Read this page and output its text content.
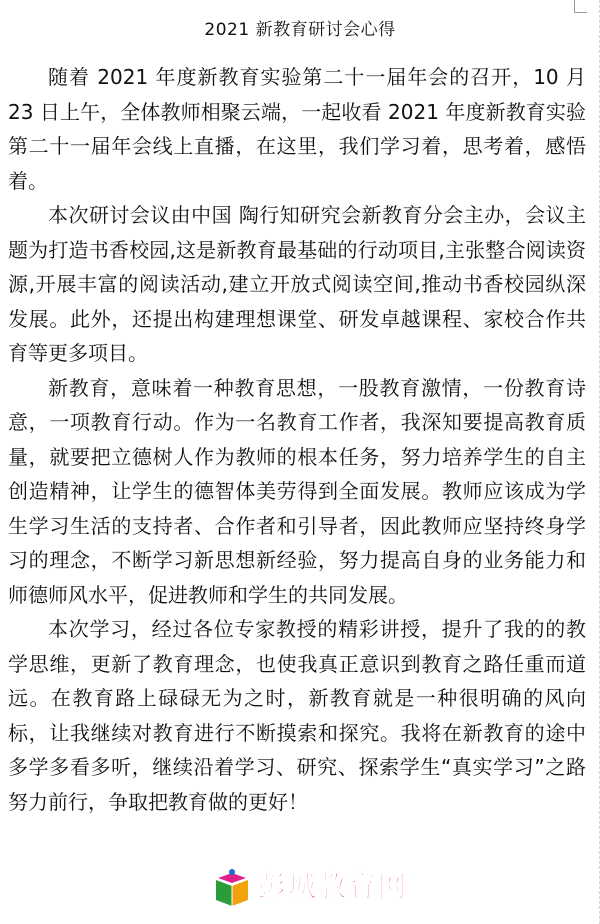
2021 新教育研讨会心得

随着 2021 年度新教育实验第二十一届年会的召开，10 月 23 日上午，全体教师相聚云端，一起收看 2021 年度新教育实验第二十一届年会线上直播，在这里，我们学习着，思考着，感悟着。

本次研讨会议由中国 陶行知研究会新教育分会主办，会议主题为打造书香校园,这是新教育最基础的行动项目,主张整合阅读资源,开展丰富的阅读活动,建立开放式阅读空间,推动书香校园纵深发展。此外，还提出构建理想课堂、研发卓越课程、家校合作共育等更多项目。

新教育，意味着一种教育思想，一股教育激情，一份教育诗意，一项教育行动。作为一名教育工作者，我深知要提高教育质量，就要把立德树人作为教师的根本任务，努力培养学生的自主创造精神，让学生的德智体美劳得到全面发展。教师应该成为学生学习生活的支持者、合作者和引导者，因此教师应坚持终身学习的理念，不断学习新思想新经验，努力提高自身的业务能力和师德师风水平，促进教师和学生的共同发展。

本次学习，经过各位专家教授的精彩讲授，提升了我的的教学思维，更新了教育理念，也使我真正意识到教育之路任重而道远。在教育路上碌碌无为之时，新教育就是一种很明确的风向标，让我继续对教育进行不断摸索和探究。我将在新教育的途中多学多看多听，继续沿着学习、研究、探索学生“真实学习”之路努力前行，争取把教育做的更好！

彭城教育网
